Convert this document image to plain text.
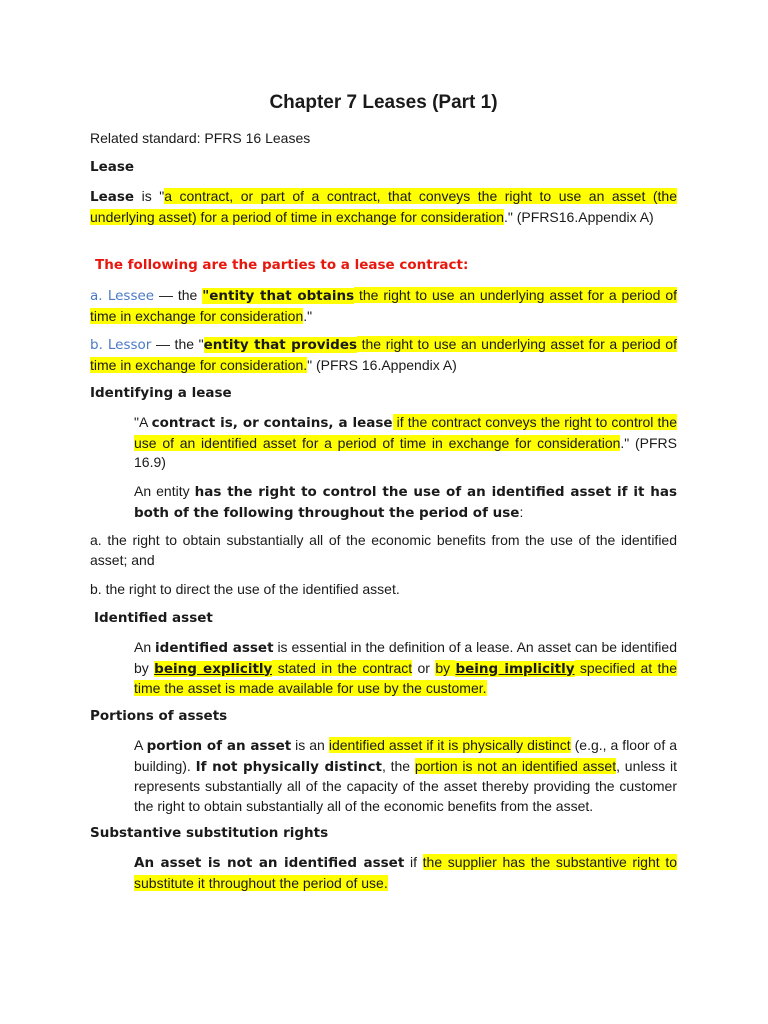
Chapter 7 Leases (Part 1)

Related standard: PFRS 16 Leases

Lease

Lease is "a contract, or part of a contract, that conveys the right to use an asset (the underlying asset) for a period of time in exchange for consideration." (PFRS16.Appendix A)

The following are the parties to a lease contract:

a. Lessee — the "entity that obtains the right to use an underlying asset for a period of time in exchange for consideration."

b. Lessor — the "entity that provides the right to use an underlying asset for a period of time in exchange for consideration." (PFRS 16.Appendix A)

Identifying a lease

"A contract is, or contains, a lease if the contract conveys the right to control the use of an identified asset for a period of time in exchange for consideration." (PFRS 16.9)

An entity has the right to control the use of an identified asset if it has both of the following throughout the period of use:

a. the right to obtain substantially all of the economic benefits from the use of the identified asset; and

b. the right to direct the use of the identified asset.

Identified asset

An identified asset is essential in the definition of a lease. An asset can be identified by being explicitly stated in the contract or by being implicitly specified at the time the asset is made available for use by the customer.

Portions of assets

A portion of an asset is an identified asset if it is physically distinct (e.g., a floor of a building). If not physically distinct, the portion is not an identified asset, unless it represents substantially all of the capacity of the asset thereby providing the customer the right to obtain substantially all of the economic benefits from the asset.

Substantive substitution rights

An asset is not an identified asset if the supplier has the substantive right to substitute it throughout the period of use.
